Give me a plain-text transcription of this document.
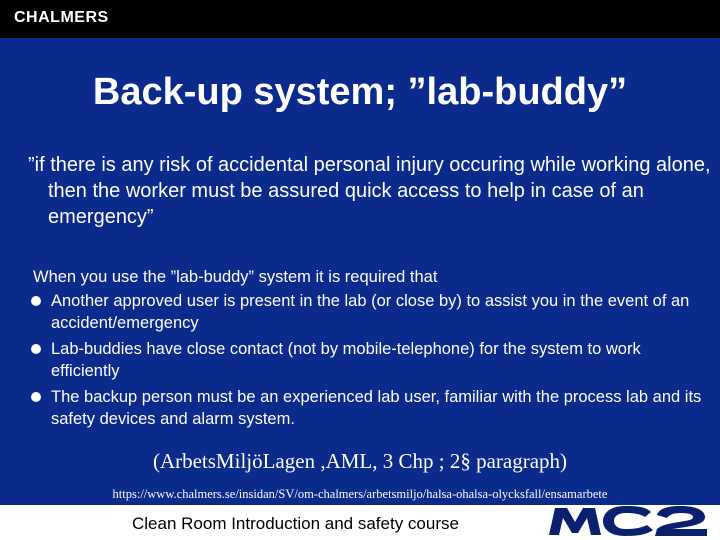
CHALMERS
Back-up system; ”lab-buddy”
”if there is any risk of accidental personal injury occuring while working alone, then the worker must be assured quick access to help in case of an emergency”
When you use the ”lab-buddy” system it is required that
Another approved user is present in the lab (or close by) to assist you in the event of an accident/emergency
Lab-buddies have close contact (not by mobile-telephone) for the system to work efficiently
The backup person must be an experienced lab user, familiar with the process lab and its safety devices and alarm system.
(ArbetsMiljöLagen ,AML, 3 Chp ; 2§ paragraph)
https://www.chalmers.se/insidan/SV/om-chalmers/arbetsmiljo/halsa-ohalsa-olycksfall/ensamarbete
Clean Room Introduction and safety course
